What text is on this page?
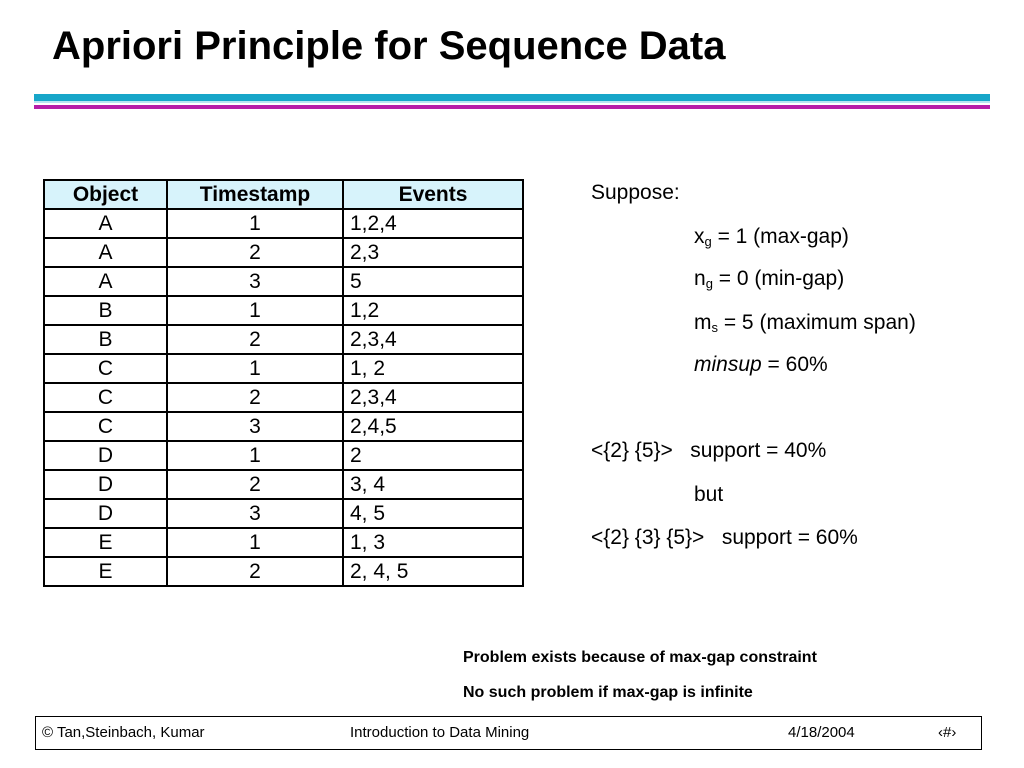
Apriori Principle for Sequence Data
Object	Timestamp	Events
A	1	1,2,4
A	2	2,3
A	3	5
B	1	1,2
B	2	2,3,4
C	1	1, 2
C	2	2,3,4
C	3	2,4,5
D	1	2
D	2	3, 4
D	3	4, 5
E	1	1, 3
E	2	2, 4, 5
Suppose:
$x_g = 1$ (max-gap)
$n_g = 0$ (min-gap)
$m_s = 5$ (maximum span)
minsup = 60%
<{2} {5}>   support = 40%
but
<{2} {3} {5}>   support = 60%
Problem exists because of max-gap constraint
No such problem if max-gap is infinite
© Tan,Steinbach, Kumar	Introduction to Data Mining	4/18/2004	‹#›
